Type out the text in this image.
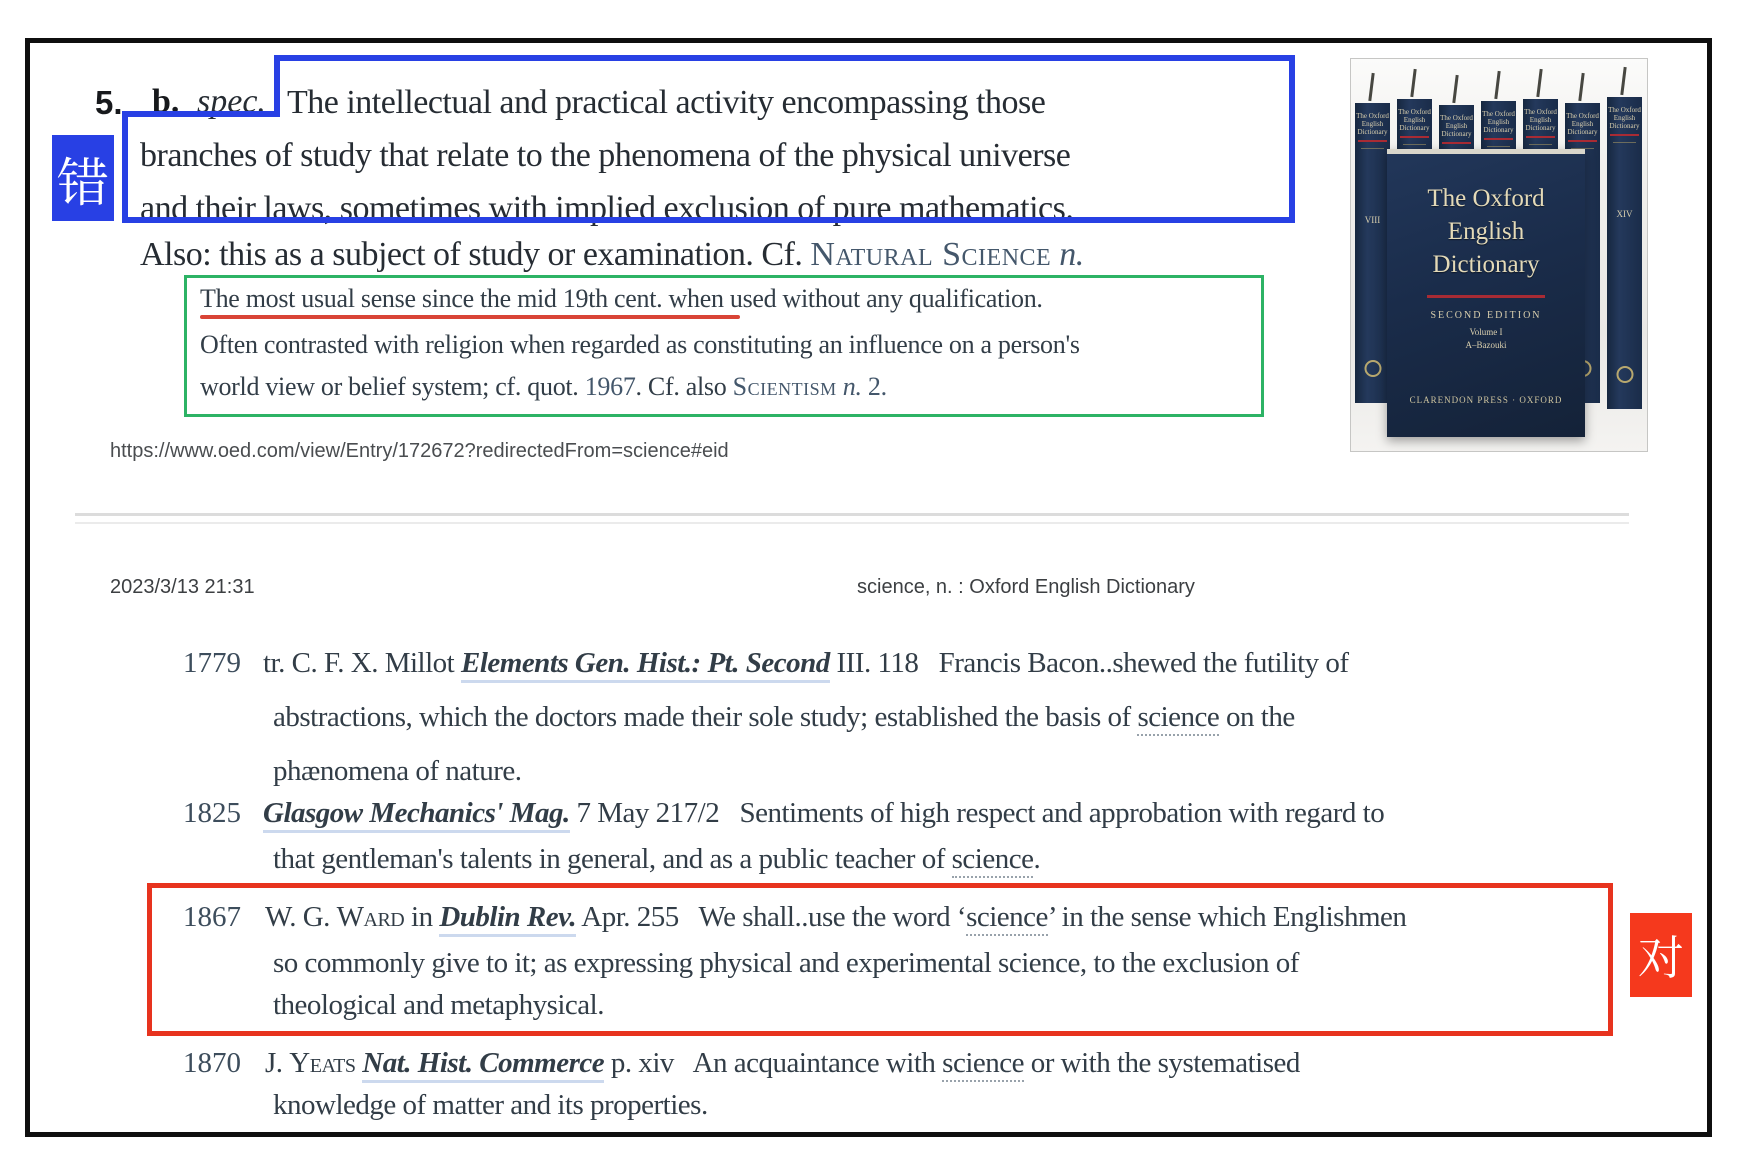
5. b. spec. The intellectual and practical activity encompassing those
branches of study that relate to the phenomena of the physical universe
and their laws, sometimes with implied exclusion of pure mathematics.
Also: this as a subject of study or examination. Cf. Natural Science n.
错
The most usual sense since the mid 19th cent. when used without any qualification.
Often contrasted with religion when regarded as constituting an influence on a person's
world view or belief system; cf. quot. 1967. Cf. also Scientism n. 2.
https://www.oed.com/view/Entry/172672?redirectedFrom=science#eid
The Oxford English Dictionary
VIII
The Oxford English Dictionary
The Oxford English Dictionary
The Oxford English Dictionary
The Oxford English Dictionary
The Oxford English Dictionary
The Oxford English Dictionary
XIV
The Oxford
English
Dictionary
SECOND EDITION
Volume I
A–Bazouki
CLARENDON PRESS · OXFORD
2023/3/13 21:31	science, n. : Oxford English Dictionary
1779 tr. C. F. X. Millot Elements Gen. Hist.: Pt. Second III. 118   Francis Bacon..shewed the futility of
abstractions, which the doctors made their sole study; established the basis of science on the
phænomena of nature.
1825 Glasgow Mechanics' Mag. 7 May 217/2   Sentiments of high respect and approbation with regard to
that gentleman's talents in general, and as a public teacher of science.
对
1867 W. G. Ward in Dublin Rev. Apr. 255   We shall..use the word ‘science’ in the sense which Englishmen
so commonly give to it; as expressing physical and experimental science, to the exclusion of
theological and metaphysical.
1870 J. Yeats Nat. Hist. Commerce p. xiv   An acquaintance with science or with the systematised
knowledge of matter and its properties.
